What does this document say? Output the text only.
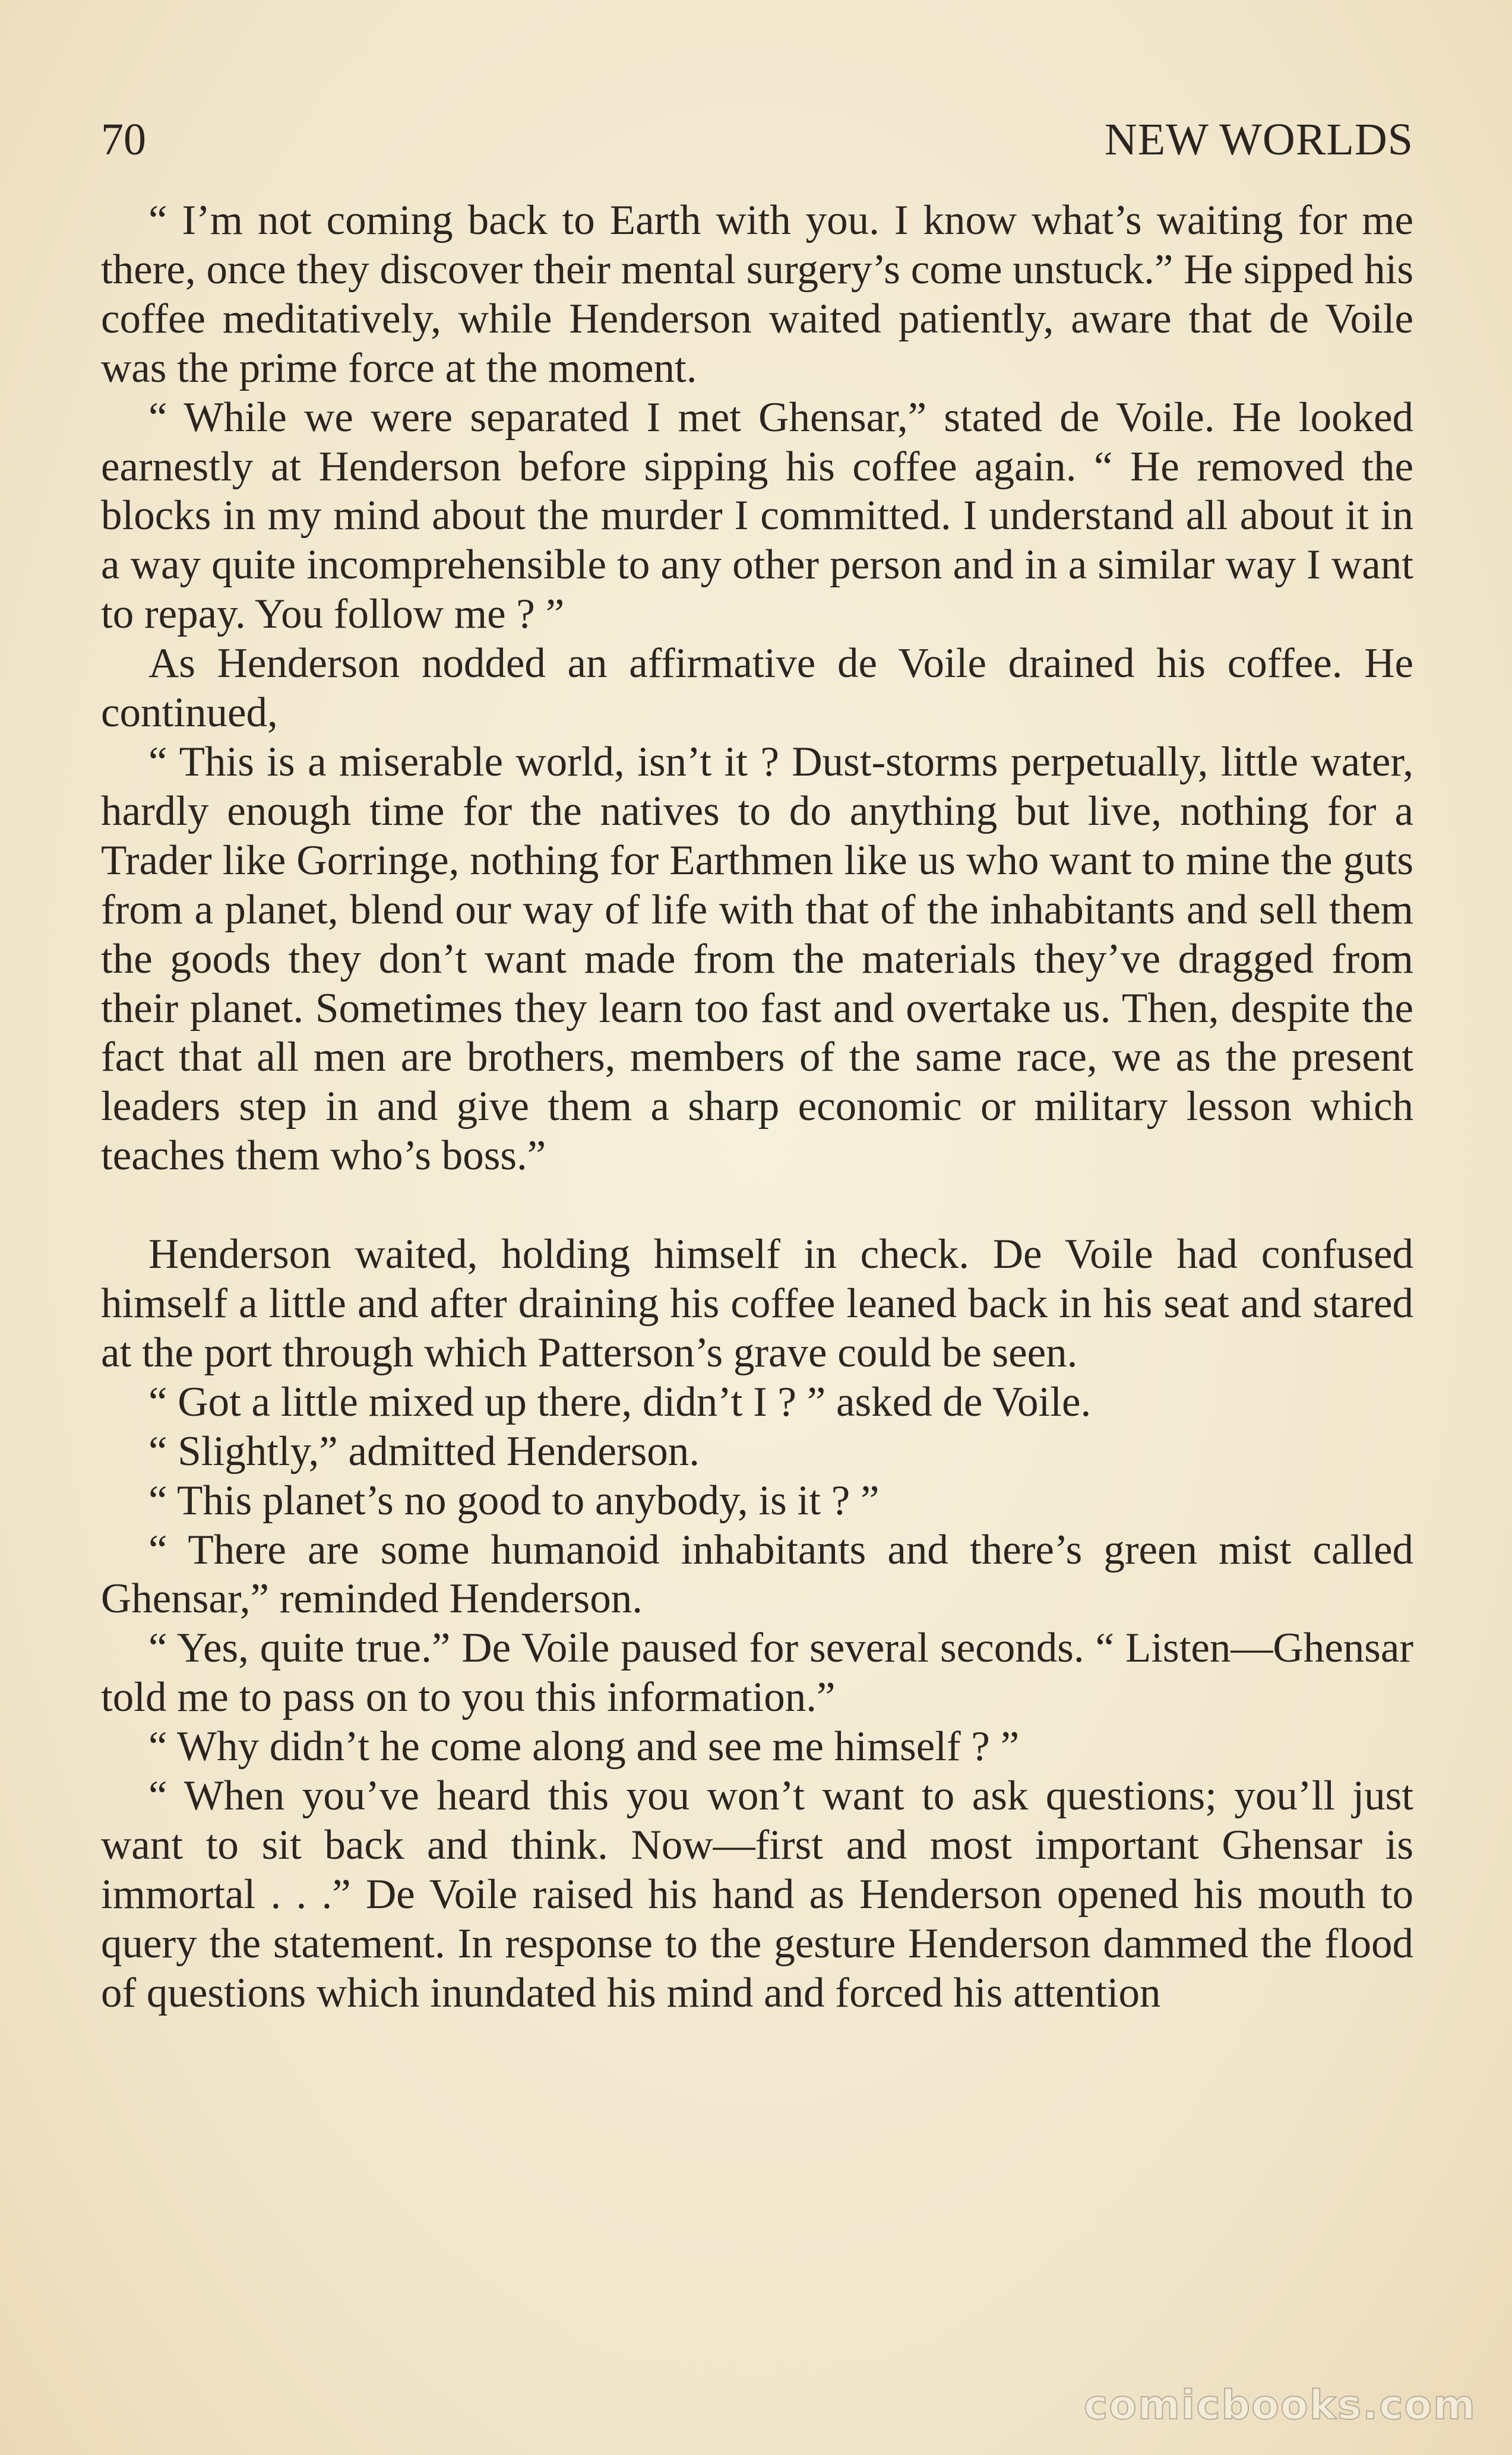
70	NEW WORLDS

“ I’m not coming back to Earth with you. I know what’s waiting for me there, once they discover their mental surgery’s come unstuck.” He sipped his coffee meditatively, while Henderson waited patiently, aware that de Voile was the prime force at the moment.

“ While we were separated I met Ghensar,” stated de Voile. He looked earnestly at Henderson before sipping his coffee again. “ He removed the blocks in my mind about the murder I committed. I understand all about it in a way quite incomprehensible to any other person and in a similar way I want to repay. You follow me ? ”

As Henderson nodded an affirmative de Voile drained his coffee. He continued,

“ This is a miserable world, isn’t it ? Dust-storms perpetually, little water, hardly enough time for the natives to do anything but live, nothing for a Trader like Gorringe, nothing for Earthmen like us who want to mine the guts from a planet, blend our way of life with that of the inhabitants and sell them the goods they don’t want made from the materials they’ve dragged from their planet. Sometimes they learn too fast and overtake us. Then, despite the fact that all men are brothers, members of the same race, we as the present leaders step in and give them a sharp economic or military lesson which teaches them who’s boss.”

Henderson waited, holding himself in check. De Voile had confused himself a little and after draining his coffee leaned back in his seat and stared at the port through which Patterson’s grave could be seen.

“ Got a little mixed up there, didn’t I ? ” asked de Voile.

“ Slightly,” admitted Henderson.

“ This planet’s no good to anybody, is it ? ”

“ There are some humanoid inhabitants and there’s green mist called Ghensar,” reminded Henderson.

“ Yes, quite true.” De Voile paused for several seconds. “ Listen—Ghensar told me to pass on to you this information.”

“ Why didn’t he come along and see me himself ? ”

“ When you’ve heard this you won’t want to ask questions; you’ll just want to sit back and think. Now—first and most important Ghensar is immortal . . .” De Voile raised his hand as Henderson opened his mouth to query the statement. In response to the gesture Henderson dammed the flood of questions which inundated his mind and forced his attention

comicbooks.com
